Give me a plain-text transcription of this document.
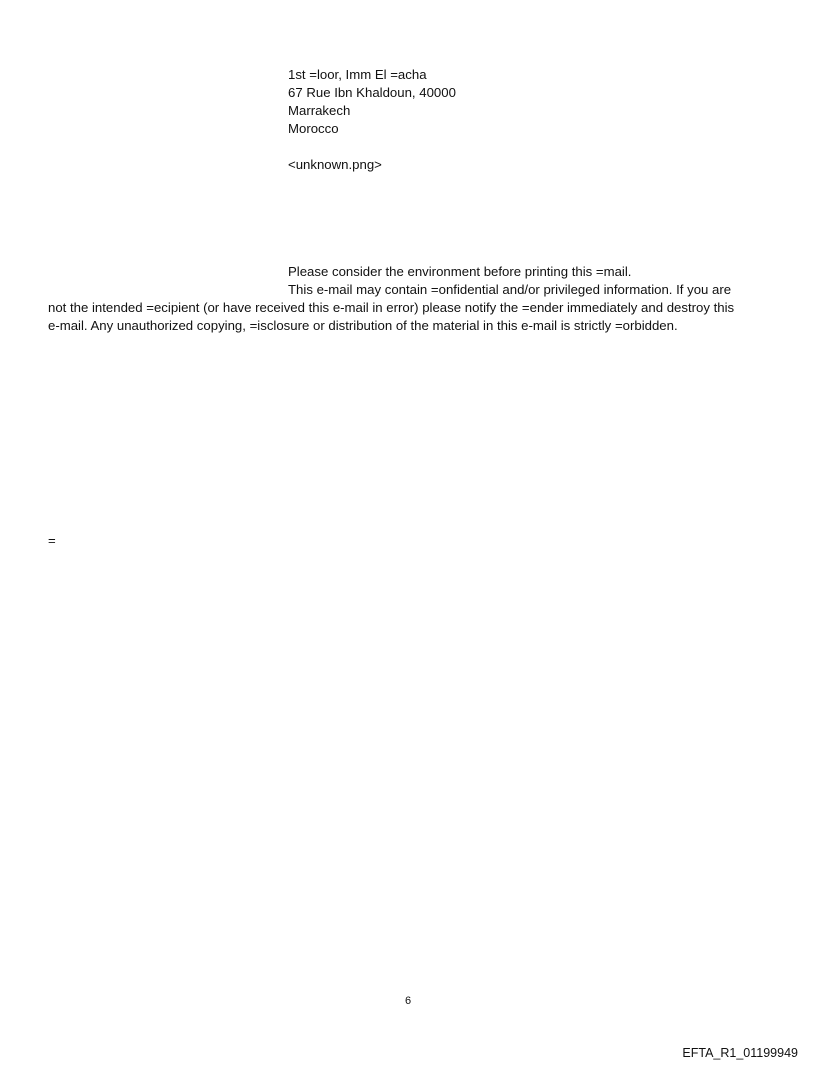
1st =loor, Imm El =acha
67 Rue Ibn Khaldoun, 40000
Marrakech
Morocco
<unknown.png>
Please consider the environment before printing this =mail.
This e-mail may contain =onfidential and/or privileged information. If you are
not the intended =ecipient (or have received this e-mail in error) please notify the =ender immediately and destroy this
e-mail. Any unauthorized copying, =isclosure or distribution of the material in this e-mail is strictly =orbidden.
=
6
EFTA_R1_01199949
